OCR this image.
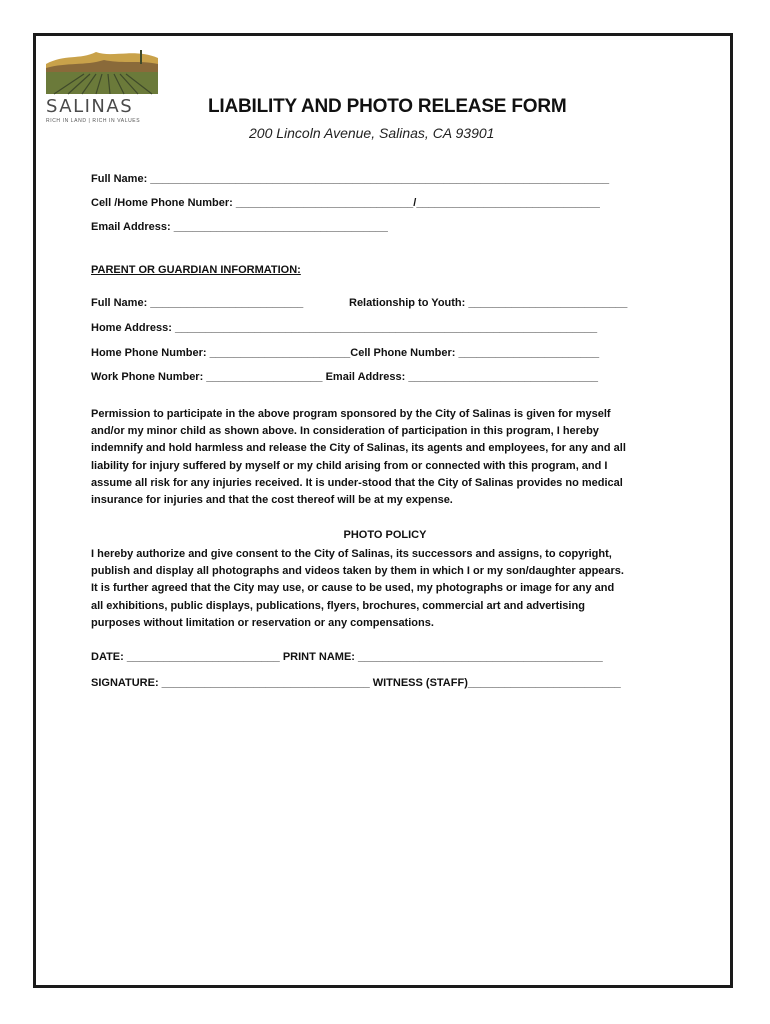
SALINAS
RICH IN LAND | RICH IN VALUES
LIABILITY AND PHOTO RELEASE FORM
200 Lincoln Avenue, Salinas, CA 93901
Full Name: ___________________________________________________________________________
Cell /Home Phone Number: _____________________________/______________________________
Email Address: ___________________________________
PARENT OR GUARDIAN INFORMATION:
Full Name: _________________________	Relationship to Youth: __________________________
Home Address: _____________________________________________________________________
Home Phone Number: _______________________Cell Phone Number: _______________________
Work Phone Number: ___________________ Email Address: _______________________________
Permission to participate in the above program sponsored by the City of Salinas is given for myself
and/or my minor child as shown above. In consideration of participation in this program, I hereby
indemnify and hold harmless and release the City of Salinas, its agents and employees, for any and all
liability for injury suffered by myself or my child arising from or connected with this program, and I
assume all risk for any injuries received. It is under-stood that the City of Salinas provides no medical
insurance for injuries and that the cost thereof will be at my expense.
PHOTO POLICY
I hereby authorize and give consent to the City of Salinas, its successors and assigns, to copyright,
publish and display all photographs and videos taken by them in which I or my son/daughter appears.
It is further agreed that the City may use, or cause to be used, my photographs or image for any and
all exhibitions, public displays, publications, flyers, brochures, commercial art and advertising
purposes without limitation or reservation or any compensations.
DATE: _________________________ PRINT NAME: ________________________________________
SIGNATURE: __________________________________ WITNESS (STAFF)_________________________
